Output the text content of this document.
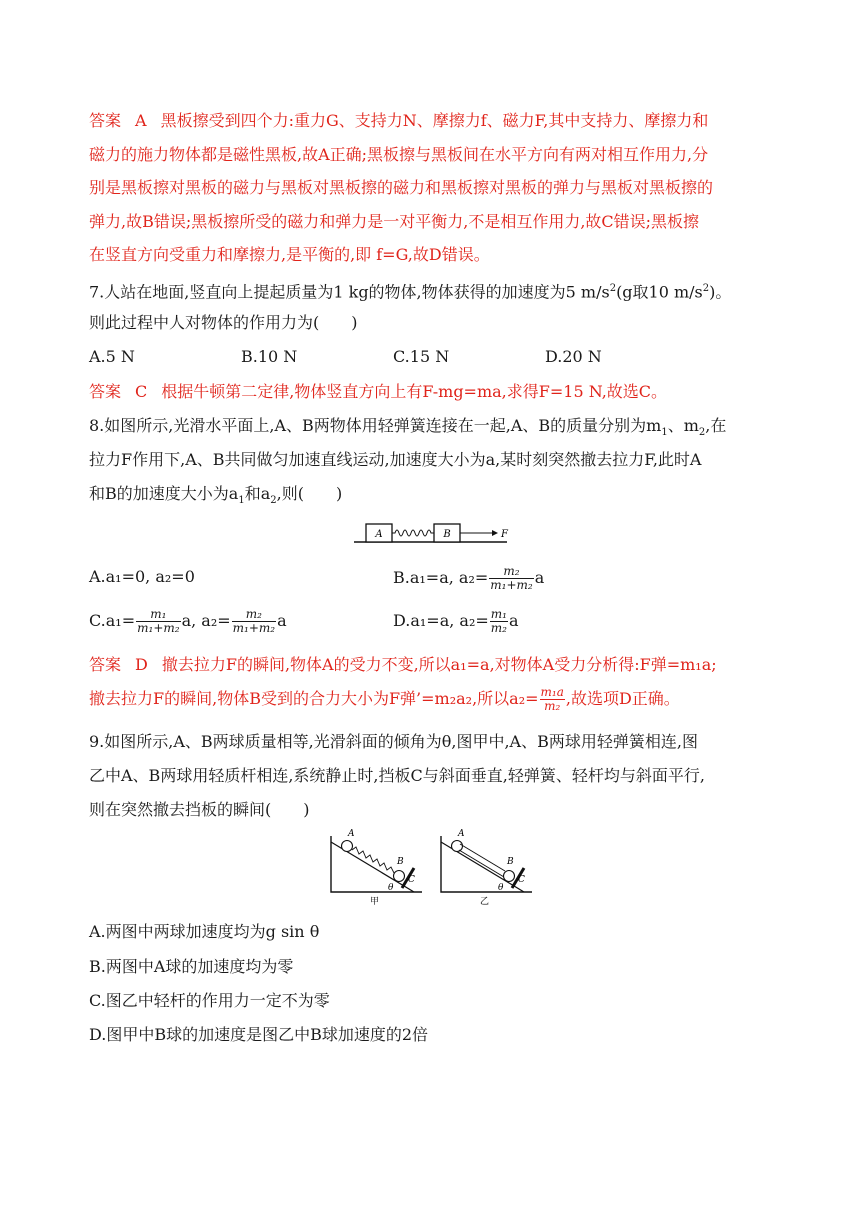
答案 A 黑板擦受到四个力:重力G、支持力N、摩擦力f、磁力F,其中支持力、摩擦力和
磁力的施力物体都是磁性黑板,故A正确;黑板擦与黑板间在水平方向有两对相互作用力,分
别是黑板擦对黑板的磁力与黑板对黑板擦的磁力和黑板擦对黑板的弹力与黑板对黑板擦的
弹力,故B错误;黑板擦所受的磁力和弹力是一对平衡力,不是相互作用力,故C错误;黑板擦
在竖直方向受重力和摩擦力,是平衡的,即 f=G,故D错误。
7.人站在地面,竖直向上提起质量为1 kg的物体,物体获得的加速度为5 $m/s^2(g$取10 $m/s^2$)。
则此过程中人对物体的作用力为(　　)
A.5 N	B.10 N	C.15 N	D.20 N
答案 C 根据牛顿第二定律,物体竖直方向上有F-mg=ma,求得F=15 N,故选C。
8.如图所示,光滑水平面上,A、B两物体用轻弹簧连接在一起,A、B的质量分别为$m_1$、$m_2$,在
拉力F作用下,A、B共同做匀加速直线运动,加速度大小为a,某时刻突然撤去拉力F,此时A
和B的加速度大小为$a_1$和$a_2$,则(　　)
A	B	F
A.a₁=0, a₂=0	B.a₁=a, $a_2= \frac{\text{m₂}}{\text{m₁+m₂}}$ a
$C.a_1= \frac{\text{m₁}}{\text{m₁+m₂}} a$, $a_2= \frac{\text{m₂}}{\text{m₁+m₂}}$ a	D.a₁=a, $a_2= \frac{\text{m₁}}{\text{m₂}}$ a
答案 D 撤去拉力F的瞬间,物体A的受力不变,所以a₁=a,对物体A受力分析得:F弹=m₁a;
撤去拉力F的瞬间,物体B受到的合力大小为F弹’=m₂a₂,所以$a_2= \frac{\text{m₁a}}{\text{m₂}}$ ,故选项D正确。
9.如图所示,A、B两球质量相等,光滑斜面的倾角为θ,图甲中,A、B两球用轻弹簧相连,图
乙中A、B两球用轻质杆相连,系统静止时,挡板C与斜面垂直,轻弹簧、轻杆均与斜面平行,
则在突然撤去挡板的瞬间(　　)
A
B
C
θ
甲
A
B
C
θ
乙
A.两图中两球加速度均为g sin θ
B.两图中A球的加速度均为零
C.图乙中轻杆的作用力一定不为零
D.图甲中B球的加速度是图乙中B球加速度的2倍
